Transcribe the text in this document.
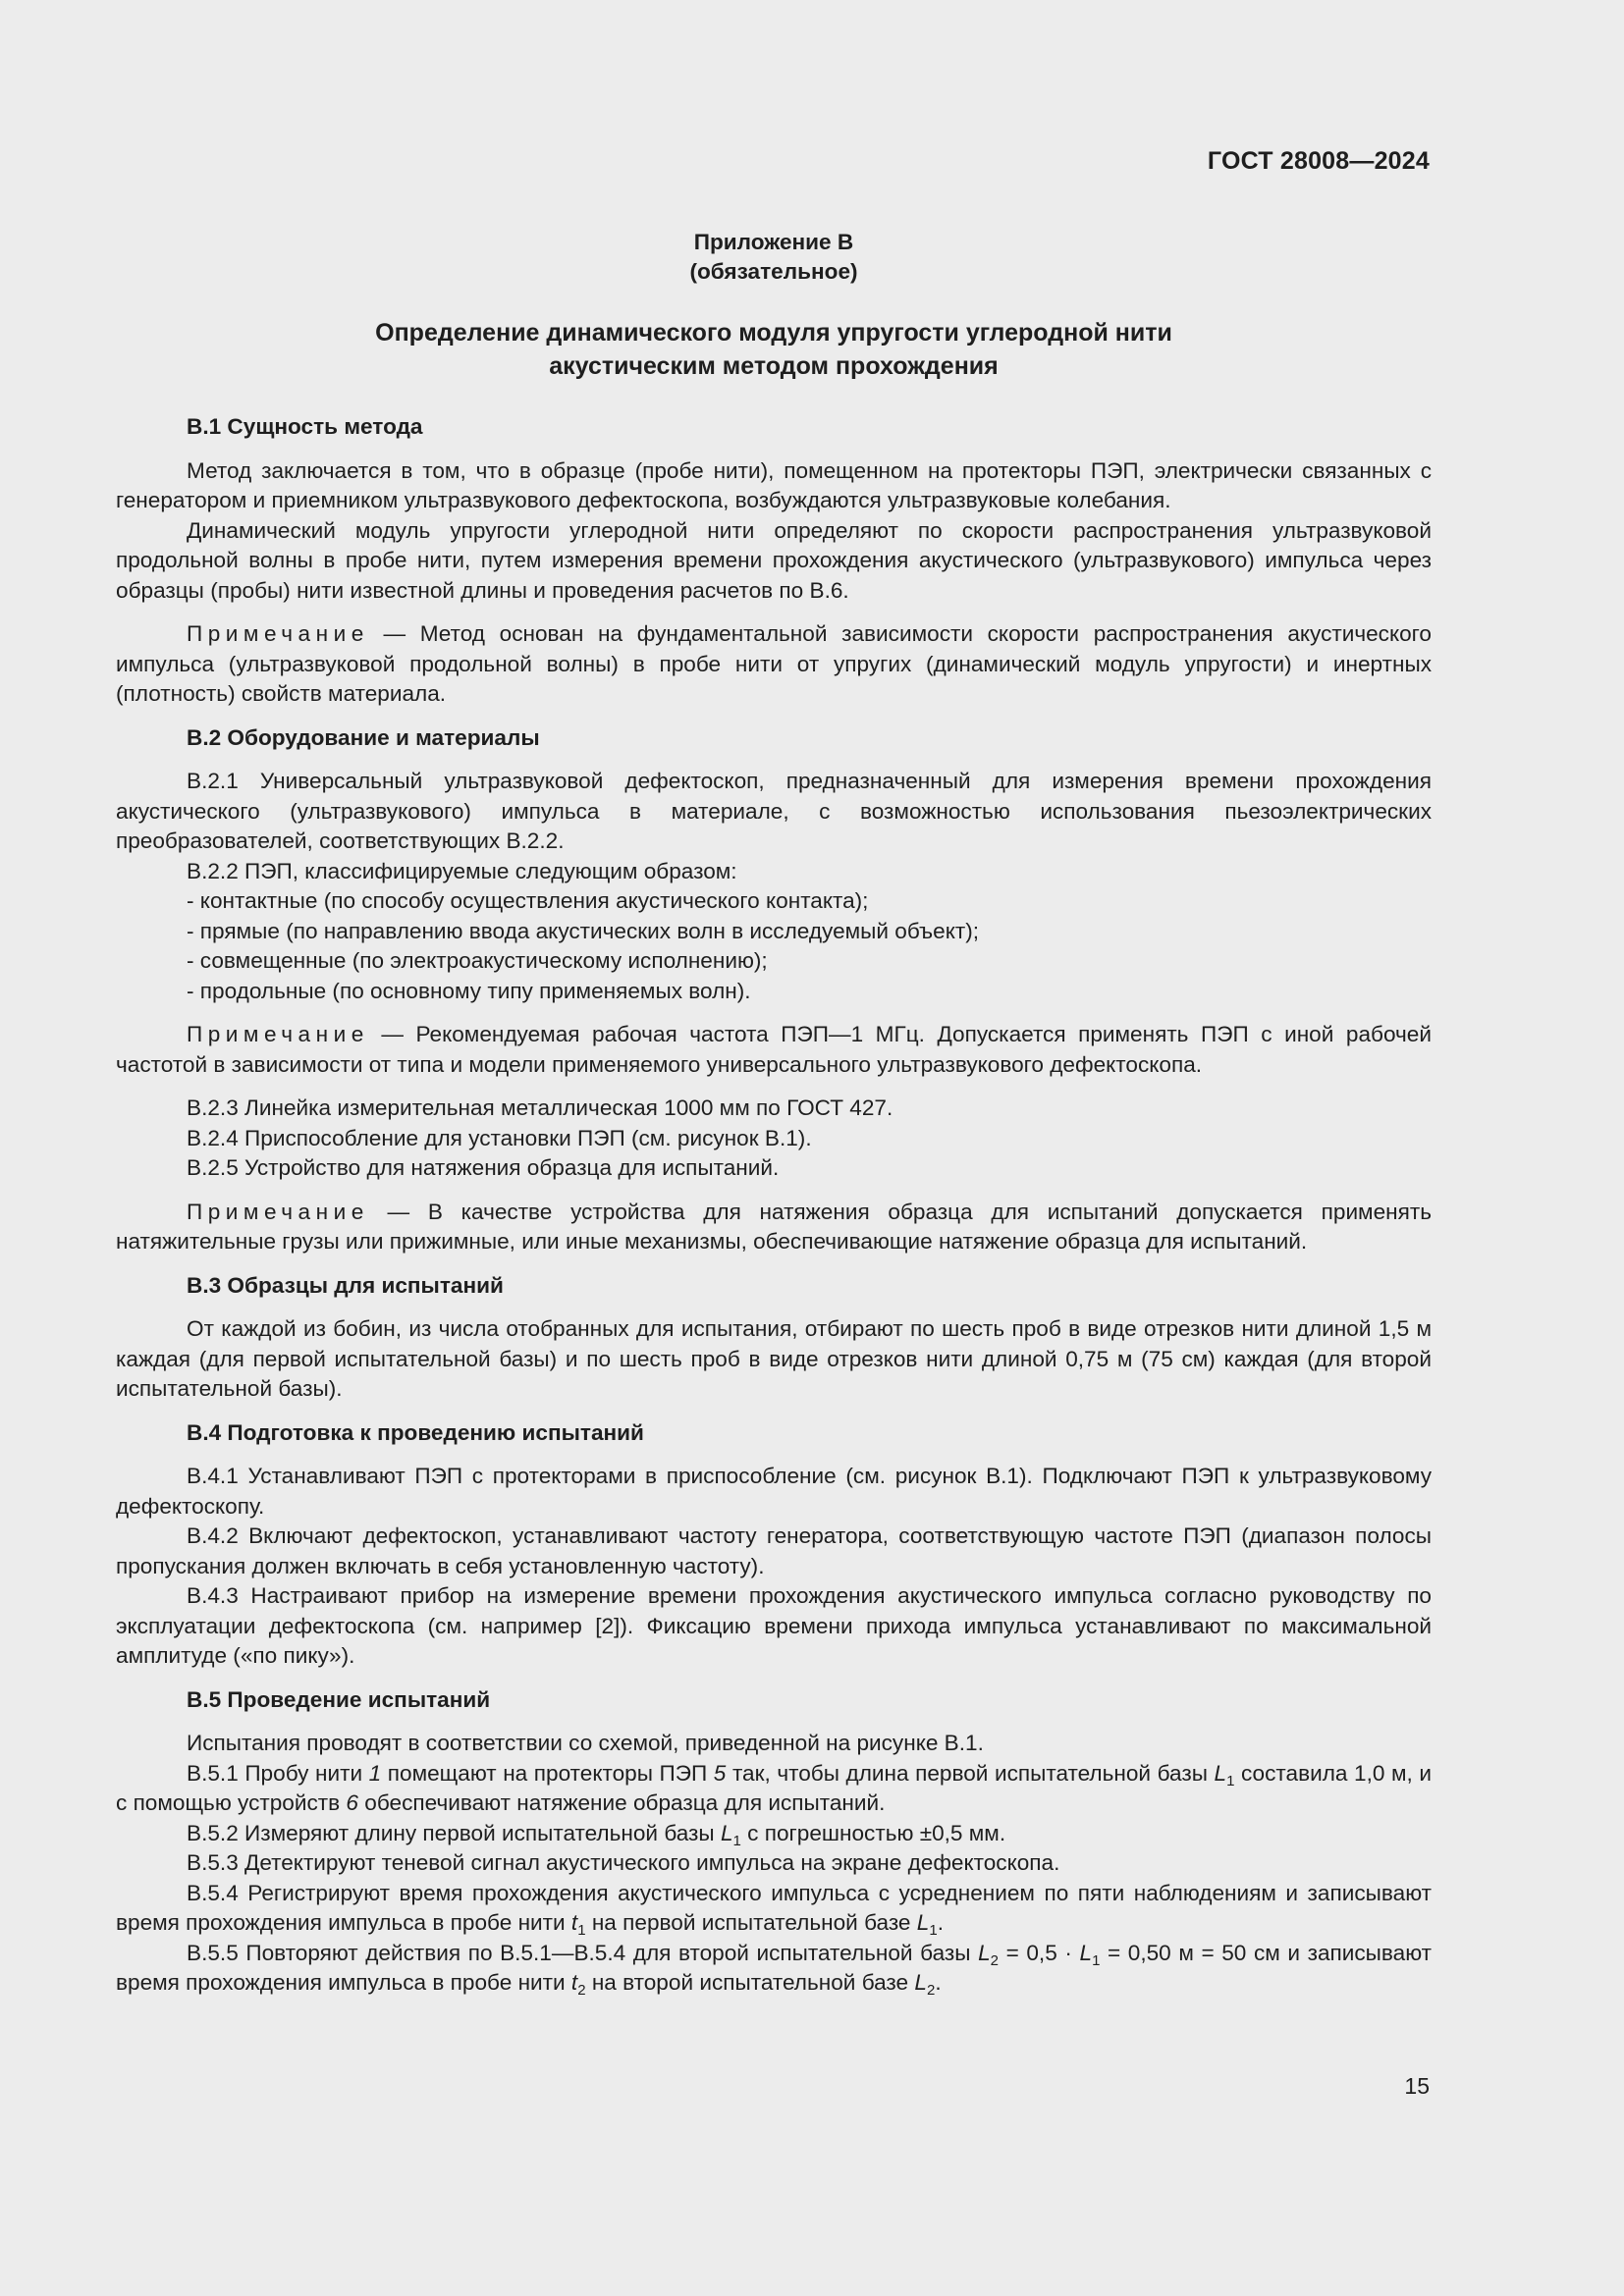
ГОСТ 28008—2024
Приложение В
(обязательное)
Определение динамического модуля упругости углеродной нити
акустическим методом прохождения
В.1 Сущность метода

Метод заключается в том, что в образце (пробе нити), помещенном на протекторы ПЭП, электрически связанных с генератором и приемником ультразвукового дефектоскопа, возбуждаются ультразвуковые колебания.

Динамический модуль упругости углеродной нити определяют по скорости распространения ультразвуковой продольной волны в пробе нити, путем измерения времени прохождения акустического (ультразвукового) импульса через образцы (пробы) нити известной длины и проведения расчетов по В.6.

Примечание — Метод основан на фундаментальной зависимости скорости распространения акустического импульса (ультразвуковой продольной волны) в пробе нити от упругих (динамический модуль упругости) и инертных (плотность) свойств материала.

В.2 Оборудование и материалы

В.2.1 Универсальный ультразвуковой дефектоскоп, предназначенный для измерения времени прохождения акустического (ультразвукового) импульса в материале, с возможностью использования пьезоэлектрических преобразователей, соответствующих В.2.2.

В.2.2 ПЭП, классифицируемые следующим образом:

- контактные (по способу осуществления акустического контакта);
- прямые (по направлению ввода акустических волн в исследуемый объект);
- совмещенные (по электроакустическому исполнению);
- продольные (по основному типу применяемых волн).

Примечание — Рекомендуемая рабочая частота ПЭП—1 МГц. Допускается применять ПЭП с иной рабочей частотой в зависимости от типа и модели применяемого универсального ультразвукового дефектоскопа.

В.2.3 Линейка измерительная металлическая 1000 мм по ГОСТ 427.

В.2.4 Приспособление для установки ПЭП (см. рисунок В.1).

В.2.5 Устройство для натяжения образца для испытаний.

Примечание — В качестве устройства для натяжения образца для испытаний допускается применять натяжительные грузы или прижимные, или иные механизмы, обеспечивающие натяжение образца для испытаний.

В.3 Образцы для испытаний

От каждой из бобин, из числа отобранных для испытания, отбирают по шесть проб в виде отрезков нити длиной 1,5 м каждая (для первой испытательной базы) и по шесть проб в виде отрезков нити длиной 0,75 м (75 см) каждая (для второй испытательной базы).

В.4 Подготовка к проведению испытаний

В.4.1 Устанавливают ПЭП с протекторами в приспособление (см. рисунок В.1). Подключают ПЭП к ультразвуковому дефектоскопу.

В.4.2 Включают дефектоскоп, устанавливают частоту генератора, соответствующую частоте ПЭП (диапазон полосы пропускания должен включать в себя установленную частоту).

В.4.3 Настраивают прибор на измерение времени прохождения акустического импульса согласно руководству по эксплуатации дефектоскопа (см. например [2]). Фиксацию времени прихода импульса устанавливают по максимальной амплитуде («по пику»).

В.5 Проведение испытаний

Испытания проводят в соответствии со схемой, приведенной на рисунке В.1.

В.5.1 Пробу нити 1 помещают на протекторы ПЭП 5 так, чтобы длина первой испытательной базы $L_1$ составила 1,0 м, и с помощью устройств 6 обеспечивают натяжение образца для испытаний.

В.5.2 Измеряют длину первой испытательной базы $L_1$ с погрешностью ±0,5 мм.

В.5.3 Детектируют теневой сигнал акустического импульса на экране дефектоскопа.

В.5.4 Регистрируют время прохождения акустического импульса с усреднением по пяти наблюдениям и записывают время прохождения импульса в пробе нити $t_1$ на первой испытательной базе $L_1$.

В.5.5 Повторяют действия по В.5.1—В.5.4 для второй испытательной базы $L_2 = 0,5 \cdot L_1 = 0,50$ м = 50 см и записывают время прохождения импульса в пробе нити $t_2$ на второй испытательной базе $L_2$.

15
